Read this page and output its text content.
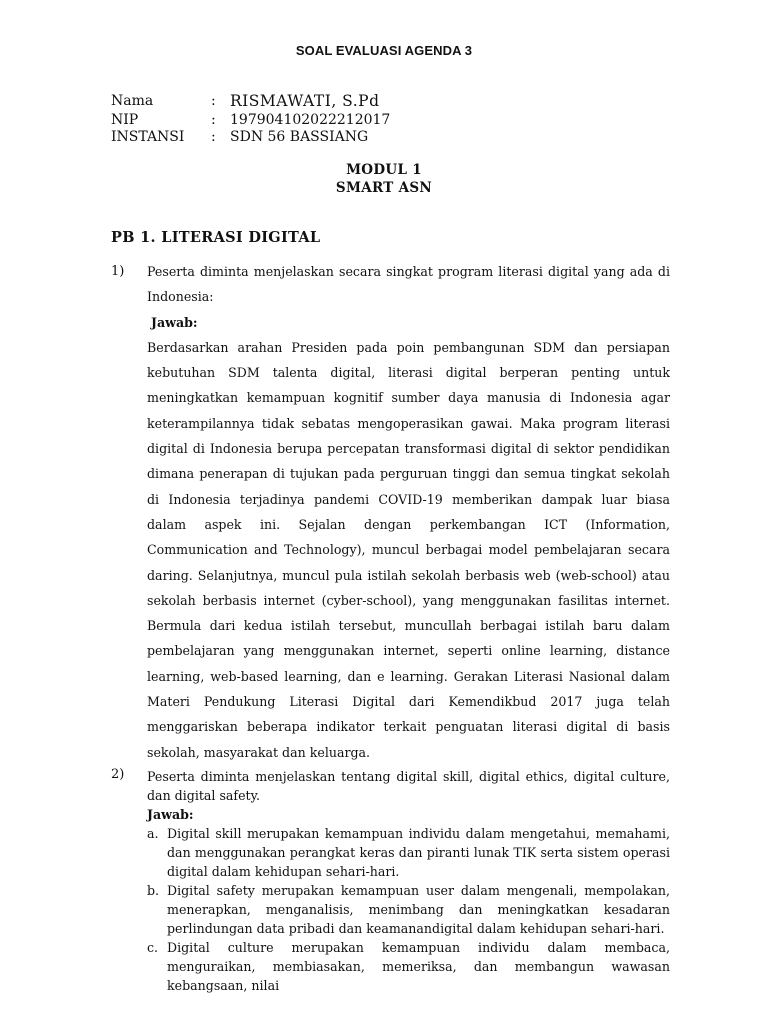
SOAL EVALUASI AGENDA 3
Nama	: RISMAWATI, S.Pd
NIP	: 197904102022212017
INSTANSI : SDN 56 BASSIANG
MODUL 1
SMART ASN
PB 1. LITERASI DIGITAL
1) Peserta diminta menjelaskan secara singkat program literasi digital yang ada di Indonesia:
Jawab:
Berdasarkan arahan Presiden pada poin pembangunan SDM dan persiapan kebutuhan SDM talenta digital, literasi digital berperan penting untuk meningkatkan kemampuan kognitif sumber daya manusia di Indonesia agar keterampilannya tidak sebatas mengoperasikan gawai. Maka program literasi digital di Indonesia berupa percepatan transformasi digital di sektor pendidikan dimana penerapan di tujukan pada perguruan tinggi dan semua tingkat sekolah di Indonesia terjadinya pandemi COVID-19 memberikan dampak luar biasa dalam aspek ini. Sejalan dengan perkembangan ICT (Information, Communication and Technology), muncul berbagai model pembelajaran secara daring. Selanjutnya, muncul pula istilah sekolah berbasis web (web-school) atau sekolah berbasis internet (cyber-school), yang menggunakan fasilitas internet. Bermula dari kedua istilah tersebut, muncullah berbagai istilah baru dalam pembelajaran yang menggunakan internet, seperti online learning, distance learning, web-based learning, dan e learning. Gerakan Literasi Nasional dalam Materi Pendukung Literasi Digital dari Kemendikbud 2017 juga telah menggariskan beberapa indikator terkait penguatan literasi digital di basis sekolah, masyarakat dan keluarga.
2) Peserta diminta menjelaskan tentang digital skill, digital ethics, digital culture, dan digital safety.
Jawab:
a. Digital skill merupakan kemampuan individu dalam mengetahui, memahami, dan menggunakan perangkat keras dan piranti lunak TIK serta sistem operasi digital dalam kehidupan sehari-hari.
b. Digital safety merupakan kemampuan user dalam mengenali, mempolakan, menerapkan, menganalisis, menimbang dan meningkatkan kesadaran perlindungan data pribadi dan keamanandigital dalam kehidupan sehari-hari.
c. Digital culture merupakan kemampuan individu dalam membaca, menguraikan, membiasakan, memeriksa, dan membangun wawasan kebangsaan, nilai
